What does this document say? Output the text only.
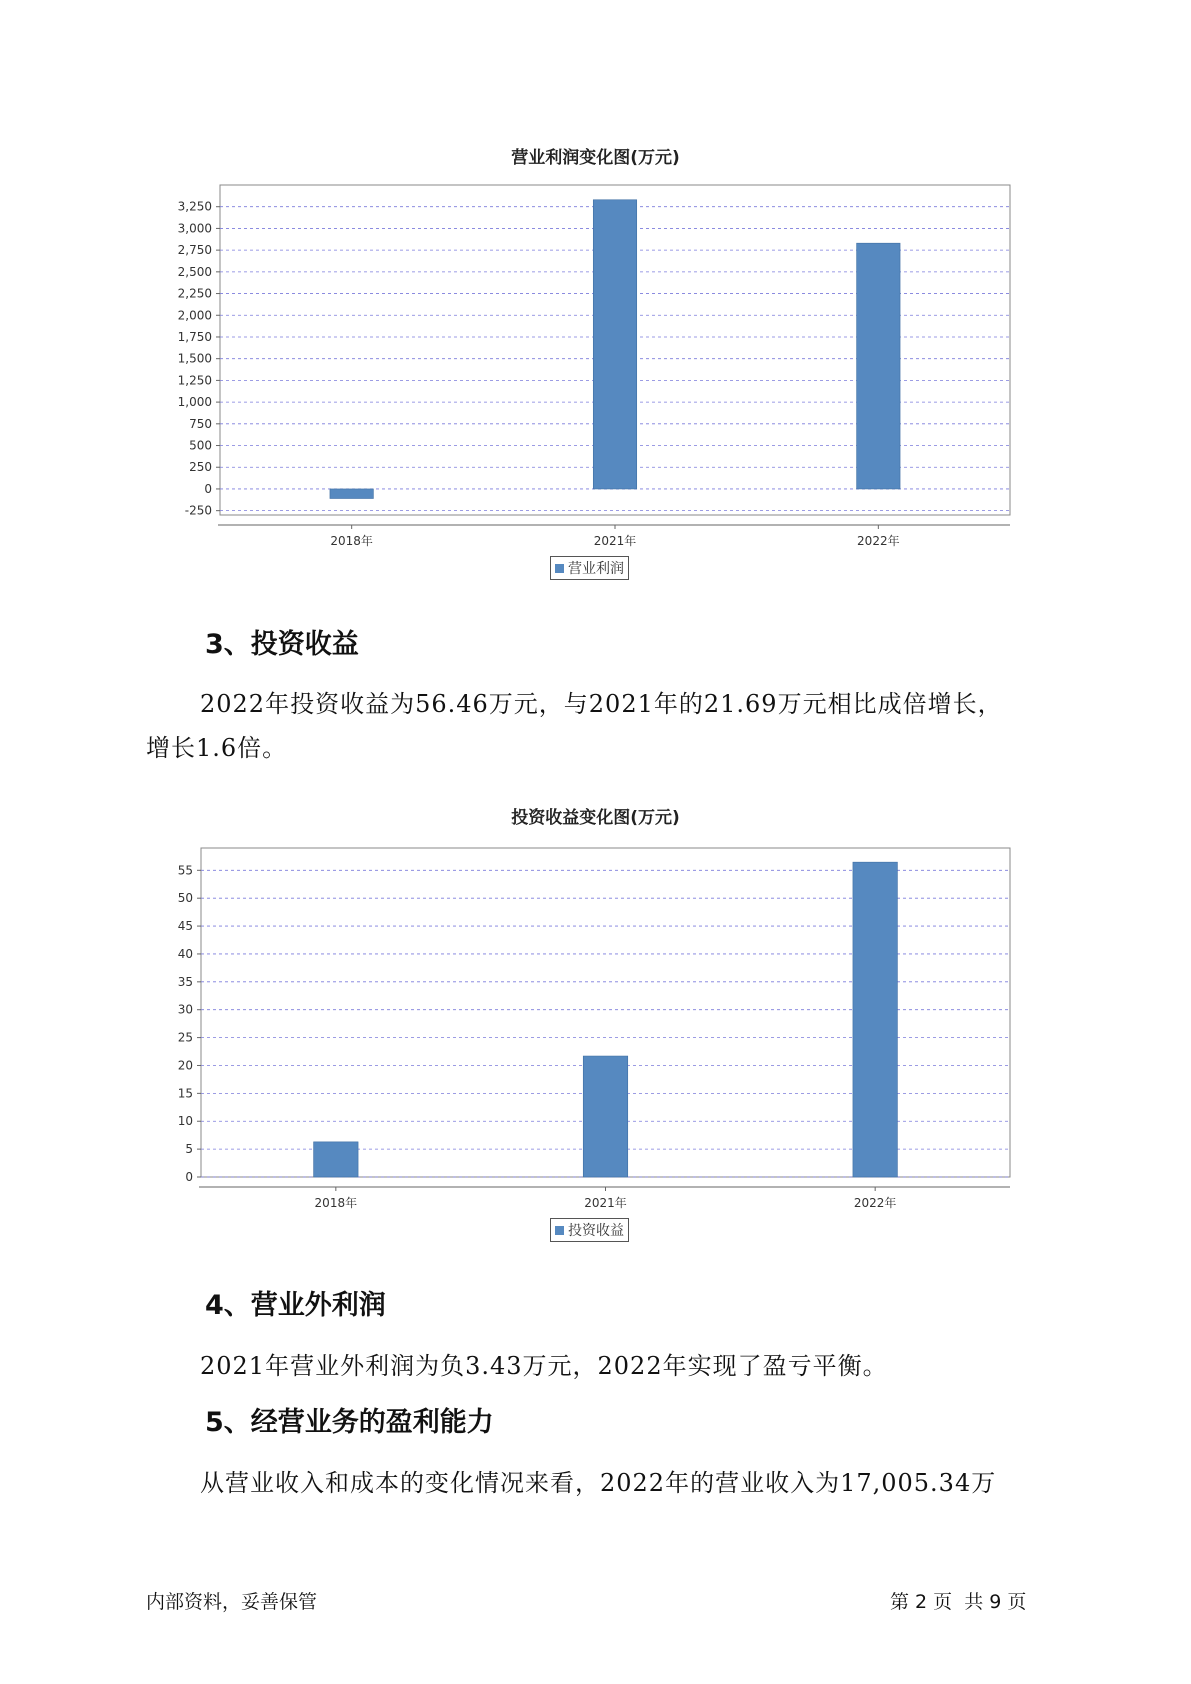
营业利润变化图(万元)
-250
0
250
500
750
1,000
1,250
1,500
1,750
2,000
2,250
2,500
2,750
3,000
3,250
2018年	2021年	2022年
营业利润
3、投资收益
2022年投资收益为56.46万元，与2021年的21.69万元相比成倍增长，
增长1.6倍。
投资收益变化图(万元)
0
5
10
15
20
25
30
35
40
45
50
55
2018年	2021年	2022年
投资收益
4、营业外利润
2021年营业外利润为负3.43万元，2022年实现了盈亏平衡。
5、经营业务的盈利能力
从营业收入和成本的变化情况来看，2022年的营业收入为17,005.34万
内部资料，妥善保管	第 2 页  共 9 页
